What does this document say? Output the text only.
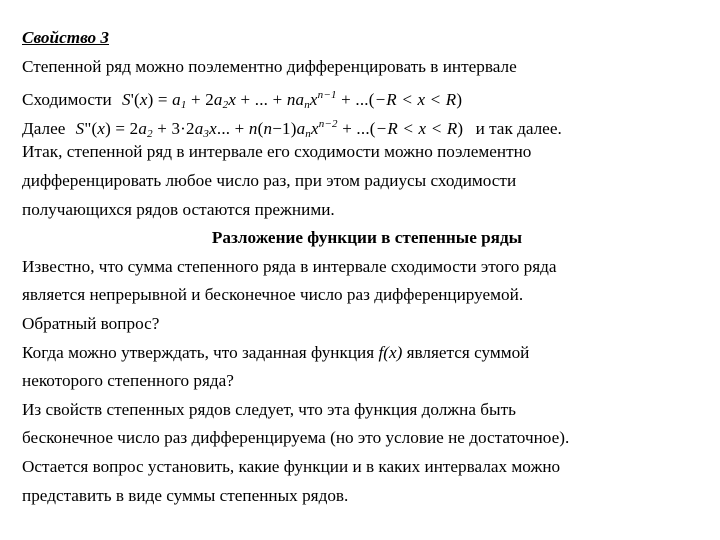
Свойство 3
Степенной ряд можно поэлементно дифференцировать в интервале
Сходимости $S'(x) = a_1 + 2a_2x$ + ... + $na_nx^{n-1} + ...(-R < x < R)$
Далее S"(x) = $2a_2 + 3\cdot 2a_3x$... + $n(n-1)a_nx^{n-2} + ...(-R < x < R)$ и так далее.
Итак, степенной ряд в интервале его сходимости можно поэлементно
дифференцировать любое число раз, при этом радиусы сходимости
получающихся рядов остаются прежними.
Разложение функции в степенные ряды
Известно, что сумма степенного ряда в интервале сходимости этого ряда
является непрерывной и бесконечное число раз дифференцируемой.
Обратный вопрос?
Когда можно утверждать, что заданная функция f(x) является суммой
некоторого степенного ряда?
Из свойств степенных рядов следует, что эта функция должна быть
бесконечное число раз дифференцируема (но это условие не достаточное).
Остается вопрос установить, какие функции и в каких интервалах можно
представить в виде суммы степенных рядов.
